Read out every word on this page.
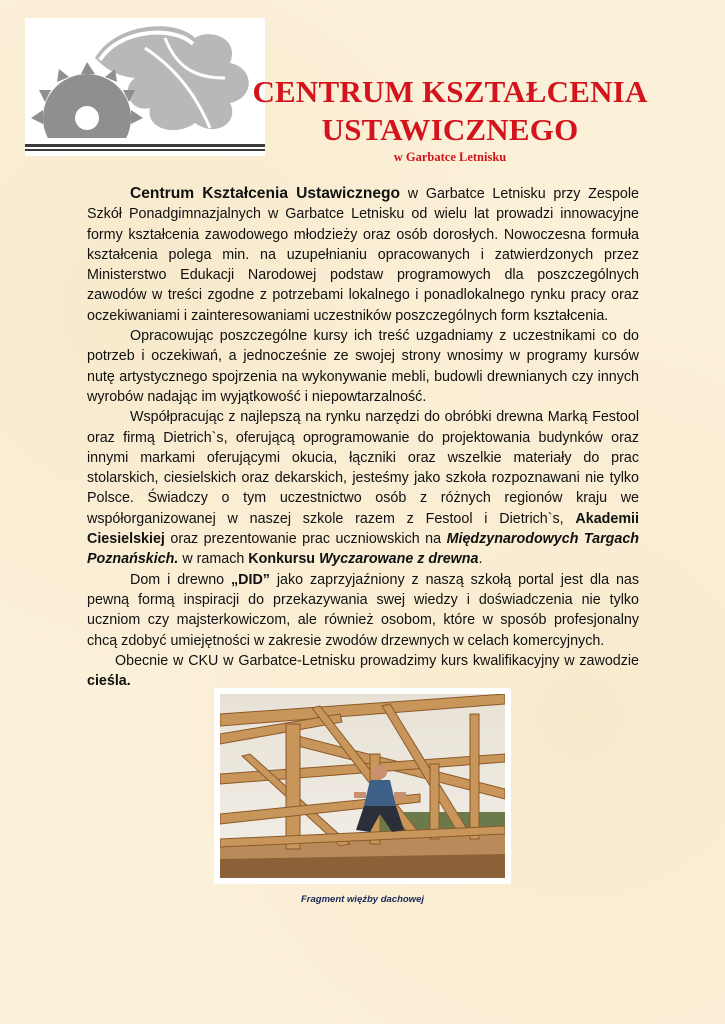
CENTRUM KSZTAŁCENIA
USTAWICZNEGO
w Garbatce Letnisku

Centrum Kształcenia Ustawicznego w Garbatce Letnisku przy Zespole Szkół Ponadgimnazjalnych w Garbatce Letnisku od wielu lat prowadzi innowacyjne formy kształcenia zawodowego młodzieży oraz osób dorosłych. Nowoczesna formuła kształcenia polega min. na uzupełnianiu opracowanych i zatwierdzonych przez Ministerstwo Edukacji Narodowej podstaw programowych dla poszczególnych zawodów w treści zgodne z potrzebami lokalnego i ponadlokalnego rynku pracy oraz oczekiwaniami i zainteresowaniami uczestników poszczególnych form kształcenia.

Opracowując poszczególne kursy ich treść uzgadniamy z uczestnikami co do potrzeb i oczekiwań, a jednocześnie ze swojej strony wnosimy w programy kursów nutę artystycznego spojrzenia na wykonywanie mebli, budowli drewnianych czy innych wyrobów nadając im wyjątkowość i niepowtarzalność.

Współpracując z najlepszą na rynku narzędzi do obróbki drewna Marką Festool oraz firmą Dietrich`s, oferującą oprogramowanie do projektowania budynków oraz innymi markami oferującymi okucia, łączniki oraz wszelkie materiały do prac stolarskich, ciesielskich oraz dekarskich, jesteśmy jako szkoła rozpoznawani nie tylko Polsce. Świadczy o tym uczestnictwo osób z różnych regionów kraju we współorganizowanej w naszej szkole razem z Festool i Dietrich`s, Akademii Ciesielskiej oraz prezentowanie prac uczniowskich na Międzynarodowych Targach Poznańskich. w ramach Konkursu Wyczarowane z drewna.

Dom i drewno „DID” jako zaprzyjaźniony z naszą szkołą portal jest dla nas pewną formą inspiracji do przekazywania swej wiedzy i doświadczenia nie tylko uczniom czy majsterkowiczom, ale również osobom, które w sposób profesjonalny chcą zdobyć umiejętności w zakresie zwodów drzewnych w celach komercyjnych.

Obecnie w CKU w Garbatce-Letnisku prowadzimy kurs kwalifikacyjny w zawodzie cieśla.

Fragment więźby dachowej
